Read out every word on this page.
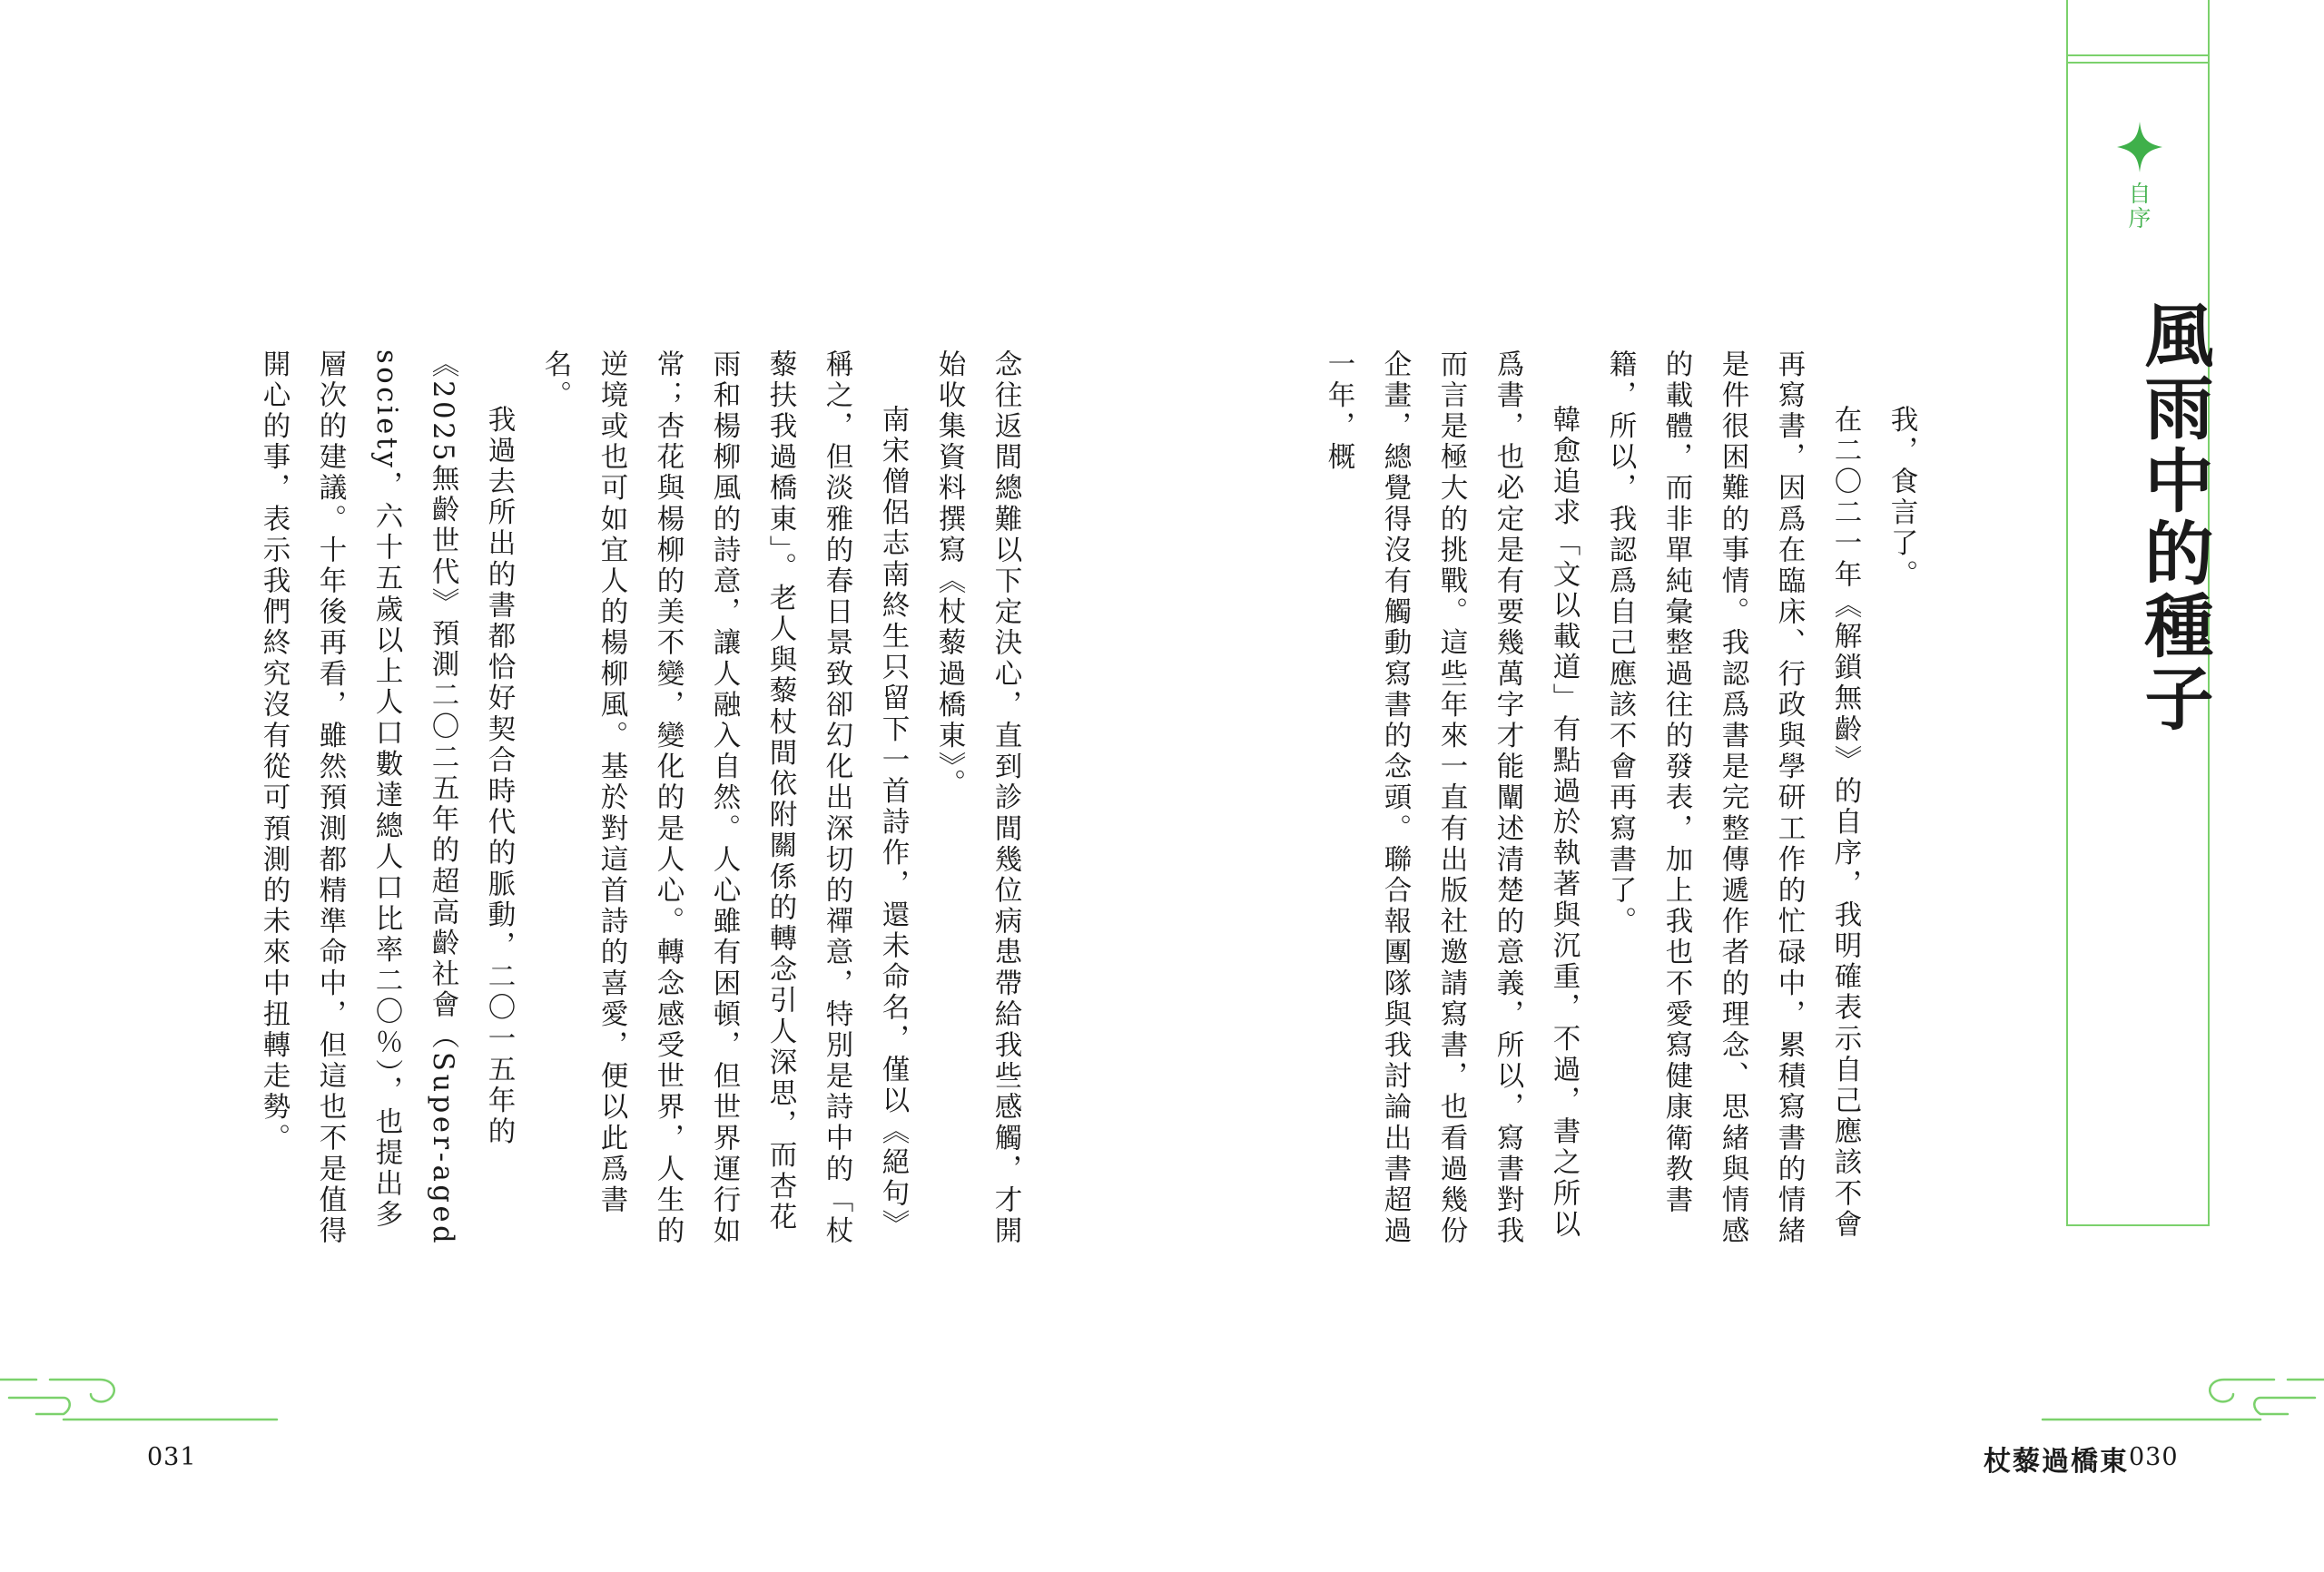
念往返間總難以下定決心，直到診間幾位病患帶給我些感觸，才開始收集資料撰寫《杖藜過橋東》。

南宋僧侶志南終生只留下一首詩作，還未命名，僅以《絕句》稱之，但淡雅的春日景致卻幻化出深切的禪意，特別是詩中的「杖藜扶我過橋東」。老人與藜杖間依附關係的轉念引人深思，而杏花雨和楊柳風的詩意，讓人融入自然。人心雖有困頓，但世界運行如常；杏花與楊柳的美不變，變化的是人心。轉念感受世界，人生的逆境或也可如宜人的楊柳風。基於對這首詩的喜愛，便以此爲書名。

我過去所出的書都恰好契合時代的脈動，二〇一五年的《2025無齡世代》預測二〇二五年的超高齡社會（Super-aged society，六十五歲以上人口數達總人口比率二〇％），也提出多層次的建議。十年後再看，雖然預測都精準命中，但這也不是值得開心的事，表示我們終究沒有從可預測的未來中扭轉走勢。	我，食言了。

在二〇二一年《解鎖無齡》的自序，我明確表示自己應該不會再寫書，因爲在臨床、行政與學研工作的忙碌中，累積寫書的情緒是件很困難的事情。我認爲書是完整傳遞作者的理念、思緒與情感的載體，而非單純彙整過往的發表，加上我也不愛寫健康衛教書籍，所以，我認爲自己應該不會再寫書了。

韓愈追求「文以載道」有點過於執著與沉重，不過，書之所以爲書，也必定是有要幾萬字才能闡述清楚的意義，所以，寫書對我而言是極大的挑戰。這些年來一直有出版社邀請寫書，也看過幾份企畫，總覺得沒有觸動寫書的念頭。聯合報團隊與我討論出書超過一年，概

自序
風雨中的種子
031	杖藜過橋東 030
